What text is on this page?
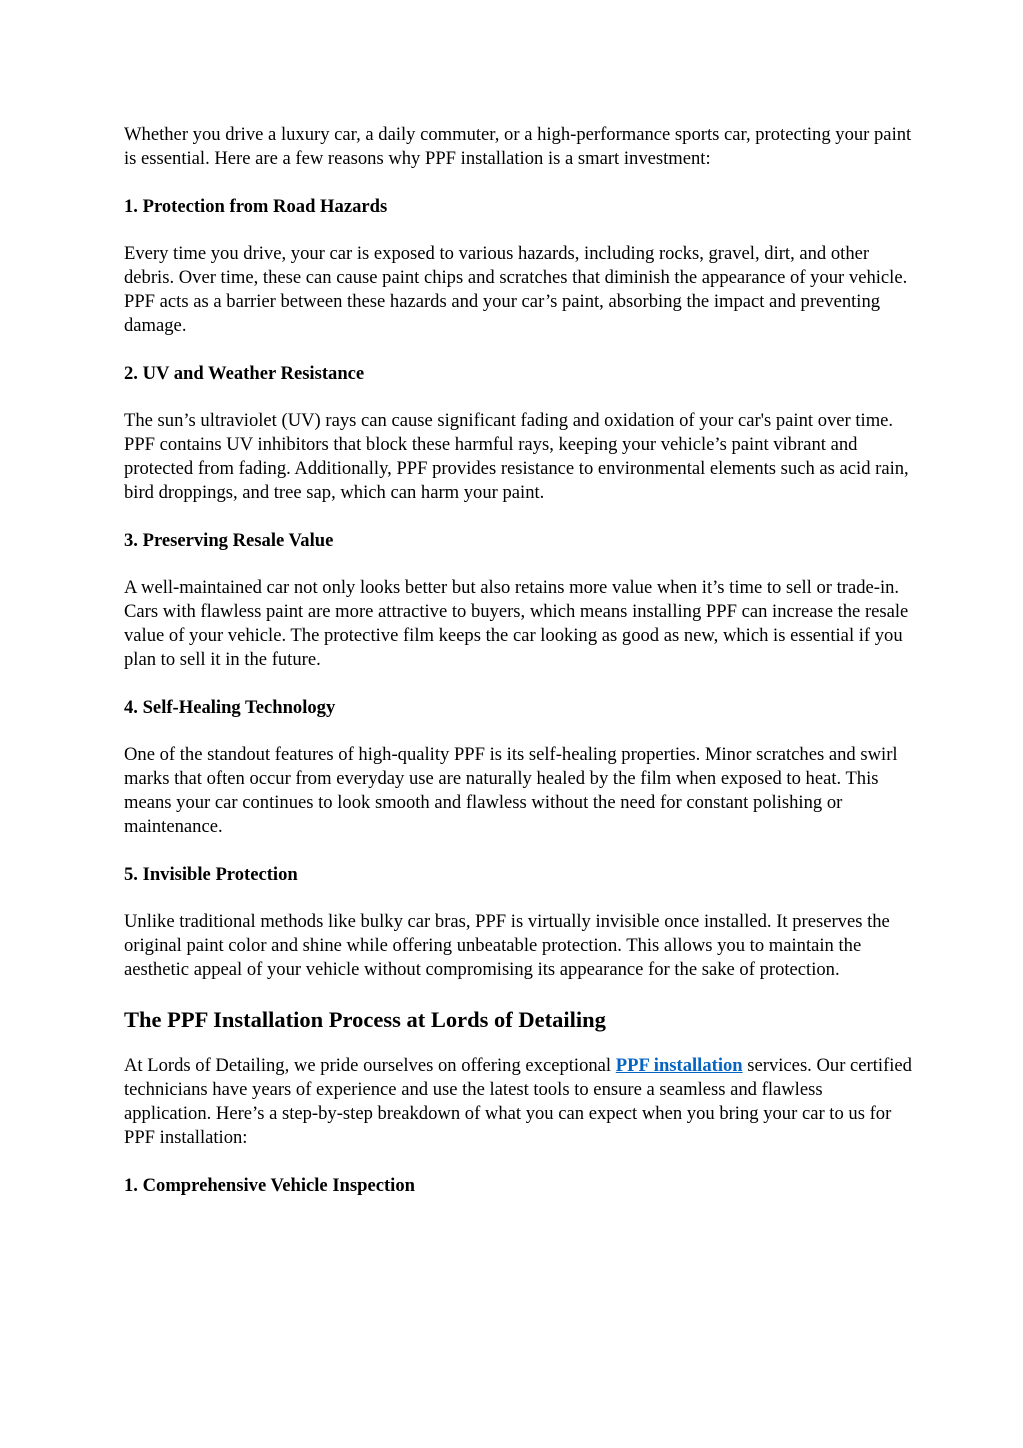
Whether you drive a luxury car, a daily commuter, or a high-performance sports car, protecting your paint is essential. Here are a few reasons why PPF installation is a smart investment:

1. Protection from Road Hazards

Every time you drive, your car is exposed to various hazards, including rocks, gravel, dirt, and other debris. Over time, these can cause paint chips and scratches that diminish the appearance of your vehicle. PPF acts as a barrier between these hazards and your car’s paint, absorbing the impact and preventing damage.

2. UV and Weather Resistance

The sun’s ultraviolet (UV) rays can cause significant fading and oxidation of your car's paint over time. PPF contains UV inhibitors that block these harmful rays, keeping your vehicle’s paint vibrant and protected from fading. Additionally, PPF provides resistance to environmental elements such as acid rain, bird droppings, and tree sap, which can harm your paint.

3. Preserving Resale Value

A well-maintained car not only looks better but also retains more value when it’s time to sell or trade-in. Cars with flawless paint are more attractive to buyers, which means installing PPF can increase the resale value of your vehicle. The protective film keeps the car looking as good as new, which is essential if you plan to sell it in the future.

4. Self-Healing Technology

One of the standout features of high-quality PPF is its self-healing properties. Minor scratches and swirl marks that often occur from everyday use are naturally healed by the film when exposed to heat. This means your car continues to look smooth and flawless without the need for constant polishing or maintenance.

5. Invisible Protection

Unlike traditional methods like bulky car bras, PPF is virtually invisible once installed. It preserves the original paint color and shine while offering unbeatable protection. This allows you to maintain the aesthetic appeal of your vehicle without compromising its appearance for the sake of protection.

The PPF Installation Process at Lords of Detailing

At Lords of Detailing, we pride ourselves on offering exceptional PPF installation services. Our certified technicians have years of experience and use the latest tools to ensure a seamless and flawless application. Here’s a step-by-step breakdown of what you can expect when you bring your car to us for PPF installation:

1. Comprehensive Vehicle Inspection
